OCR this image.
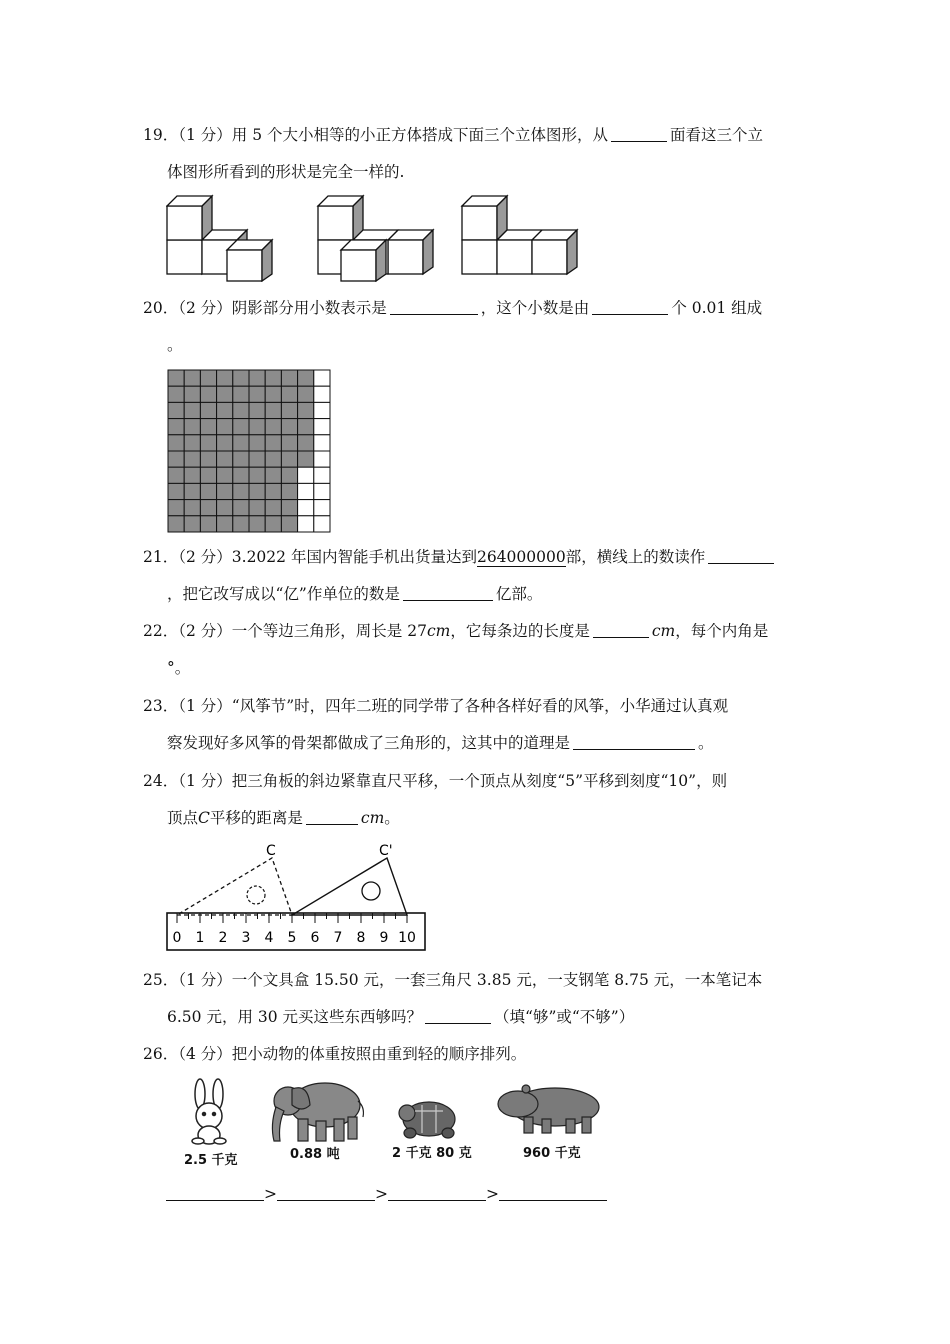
19．（1 分）用 5 个大小相等的小正方体搭成下面三个立体图形，从	面看这三个立
体图形所看到的形状是完全一样的.
20．（2 分）阴影部分用小数表示是	，这个小数是由	个 0.01 组成
。
21．（2 分）3.2022 年国内智能手机出货量达到264000000部，横线上的数读作
，把它改写成以“亿”作单位的数是	亿部。
22．（2 分）一个等边三角形，周长是 27cm，它每条边的长度是	cm，每个内角是
°。
23．（1 分）“风筝节”时，四年二班的同学带了各种各样好看的风筝，小华通过认真观
察发现好多风筝的骨架都做成了三角形的，这其中的道理是	。
24．（1 分）把三角板的斜边紧靠直尺平移，一个顶点从刻度“5”平移到刻度“10”，则
顶点C平移的距离是	cm。
0 1 2 3 4 5 6 7 8 9 10
C	C'
25．（1 分）一个文具盒 15.50 元，一套三角尺 3.85 元，一支钢笔 8.75 元，一本笔记本
6.50 元，用 30 元买这些东西够吗？	（填“够”或“不够”）
26．（4 分）把小动物的体重按照由重到轻的顺序排列。
2.5 千克	0.88 吨	2 千克 80 克	960 千克
>	>	>
